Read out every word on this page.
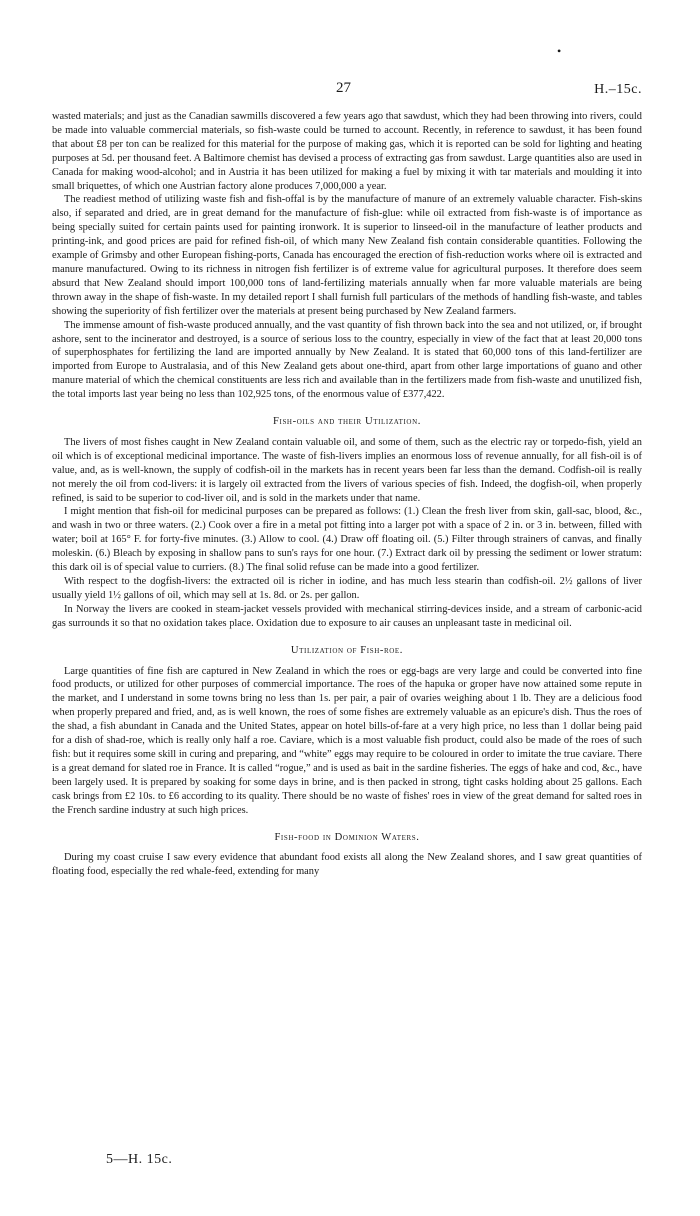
•
27	H.–15c.

wasted materials; and just as the Canadian sawmills discovered a few years ago that sawdust, which they had been throwing into rivers, could be made into valuable commercial materials, so fish-waste could be turned to account. Recently, in reference to sawdust, it has been found that about £8 per ton can be realized for this material for the purpose of making gas, which it is reported can be sold for lighting and heating purposes at 5d. per thousand feet. A Baltimore chemist has devised a process of extracting gas from sawdust. Large quantities also are used in Canada for making wood-alcohol; and in Austria it has been utilized for making a fuel by mixing it with tar materials and moulding it into small briquettes, of which one Austrian factory alone produces 7,000,000 a year.

The readiest method of utilizing waste fish and fish-offal is by the manufacture of manure of an extremely valuable character. Fish-skins also, if separated and dried, are in great demand for the manufacture of fish-glue: while oil extracted from fish-waste is of importance as being specially suited for certain paints used for painting ironwork. It is superior to linseed-oil in the manufacture of leather products and printing-ink, and good prices are paid for refined fish-oil, of which many New Zealand fish contain considerable quantities. Following the example of Grimsby and other European fishing-ports, Canada has encouraged the erection of fish-reduction works where oil is extracted and manure manufactured. Owing to its richness in nitrogen fish fertilizer is of extreme value for agricultural purposes. It therefore does seem absurd that New Zealand should import 100,000 tons of land-fertilizing materials annually when far more valuable materials are being thrown away in the shape of fish-waste. In my detailed report I shall furnish full particulars of the methods of handling fish-waste, and tables showing the superiority of fish fertilizer over the materials at present being purchased by New Zealand farmers.

The immense amount of fish-waste produced annually, and the vast quantity of fish thrown back into the sea and not utilized, or, if brought ashore, sent to the incinerator and destroyed, is a source of serious loss to the country, especially in view of the fact that at least 20,000 tons of superphosphates for fertilizing the land are imported annually by New Zealand. It is stated that 60,000 tons of this land-fertilizer are imported from Europe to Australasia, and of this New Zealand gets about one-third, apart from other large importations of guano and other manure material of which the chemical constituents are less rich and available than in the fertilizers made from fish-waste and unutilized fish, the total imports last year being no less than 102,925 tons, of the enormous value of £377,422.

Fish-oils and their Utilization.

The livers of most fishes caught in New Zealand contain valuable oil, and some of them, such as the electric ray or torpedo-fish, yield an oil which is of exceptional medicinal importance. The waste of fish-livers implies an enormous loss of revenue annually, for all fish-oil is of value, and, as is well-known, the supply of codfish-oil in the markets has in recent years been far less than the demand. Codfish-oil is really not merely the oil from cod-livers: it is largely oil extracted from the livers of various species of fish. Indeed, the dogfish-oil, when properly refined, is said to be superior to cod-liver oil, and is sold in the markets under that name.

I might mention that fish-oil for medicinal purposes can be prepared as follows: (1.) Clean the fresh liver from skin, gall-sac, blood, &c., and wash in two or three waters. (2.) Cook over a fire in a metal pot fitting into a larger pot with a space of 2 in. or 3 in. between, filled with water; boil at 165° F. for forty-five minutes. (3.) Allow to cool. (4.) Draw off floating oil. (5.) Filter through strainers of canvas, and finally moleskin. (6.) Bleach by exposing in shallow pans to sun's rays for one hour. (7.) Extract dark oil by pressing the sediment or lower stratum: this dark oil is of special value to curriers. (8.) The final solid refuse can be made into a good fertilizer.

With respect to the dogfish-livers: the extracted oil is richer in iodine, and has much less stearin than codfish-oil. 2½ gallons of liver usually yield 1½ gallons of oil, which may sell at 1s. 8d. or 2s. per gallon.

In Norway the livers are cooked in steam-jacket vessels provided with mechanical stirring-devices inside, and a stream of carbonic-acid gas surrounds it so that no oxidation takes place. Oxidation due to exposure to air causes an unpleasant taste in medicinal oil.

Utilization of Fish-roe.

Large quantities of fine fish are captured in New Zealand in which the roes or egg-bags are very large and could be converted into fine food products, or utilized for other purposes of commercial importance. The roes of the hapuka or groper have now attained some repute in the market, and I understand in some towns bring no less than 1s. per pair, a pair of ovaries weighing about 1 lb. They are a delicious food when properly prepared and fried, and, as is well known, the roes of some fishes are extremely valuable as an epicure's dish. Thus the roes of the shad, a fish abundant in Canada and the United States, appear on hotel bills-of-fare at a very high price, no less than 1 dollar being paid for a dish of shad-roe, which is really only half a roe. Caviare, which is a most valuable fish product, could also be made of the roes of such fish: but it requires some skill in curing and preparing, and “white” eggs may require to be coloured in order to imitate the true caviare. There is a great demand for slated roe in France. It is called “rogue,” and is used as bait in the sardine fisheries. The eggs of hake and cod, &c., have been largely used. It is prepared by soaking for some days in brine, and is then packed in strong, tight casks holding about 25 gallons. Each cask brings from £2 10s. to £6 according to its quality. There should be no waste of fishes' roes in view of the great demand for salted roes in the French sardine industry at such high prices.

Fish-food in Dominion Waters.

During my coast cruise I saw every evidence that abundant food exists all along the New Zealand shores, and I saw great quantities of floating food, especially the red whale-feed, extending for many

5—H. 15c.
